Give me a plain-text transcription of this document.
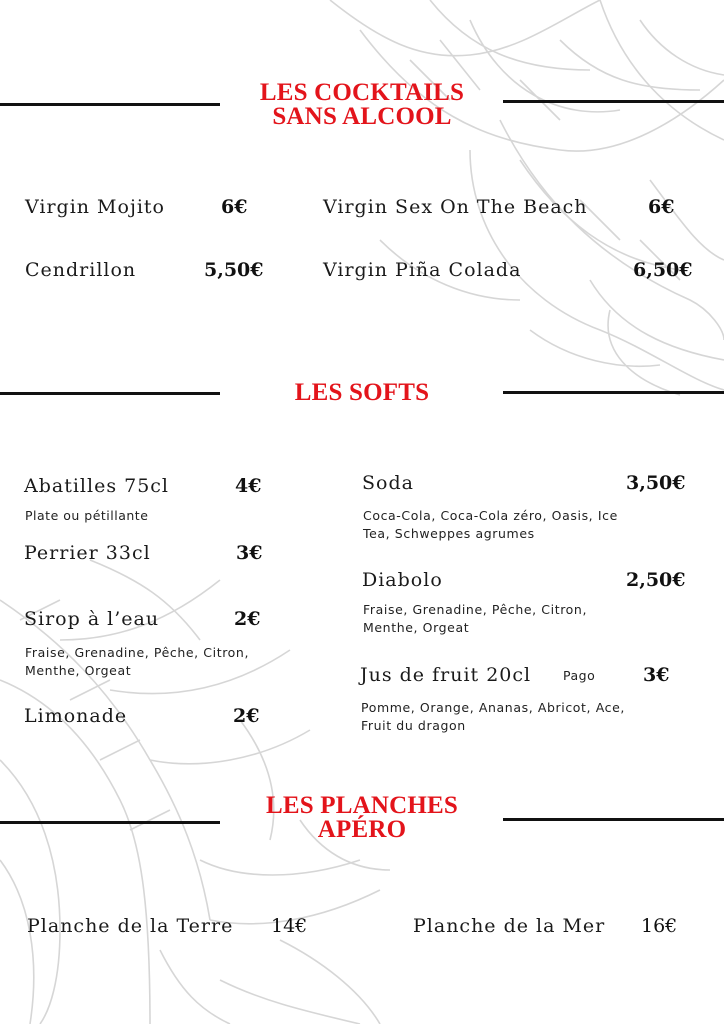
LES COCKTAILS
SANS ALCOOL
Virgin Mojito	6€
Cendrillon	5,50€
Virgin Sex On The Beach	6€
Virgin Piña Colada	6,50€
LES SOFTS
Abatilles 75cl	4€
Plate ou pétillante
Perrier 33cl	3€
Sirop à l’eau	2€
Fraise, Grenadine, Pêche, Citron, Menthe, Orgeat
Limonade	2€
Soda	3,50€
Coca-Cola, Coca-Cola zéro, Oasis, Ice Tea, Schweppes agrumes
Diabolo	2,50€
Fraise, Grenadine, Pêche, Citron, Menthe, Orgeat
Jus de fruit 20cl	Pago	3€
Pomme, Orange, Ananas, Abricot, Ace, Fruit du dragon
LES PLANCHES
APÉRO
Planche de la Terre 14€	Planche de la Mer 16€
